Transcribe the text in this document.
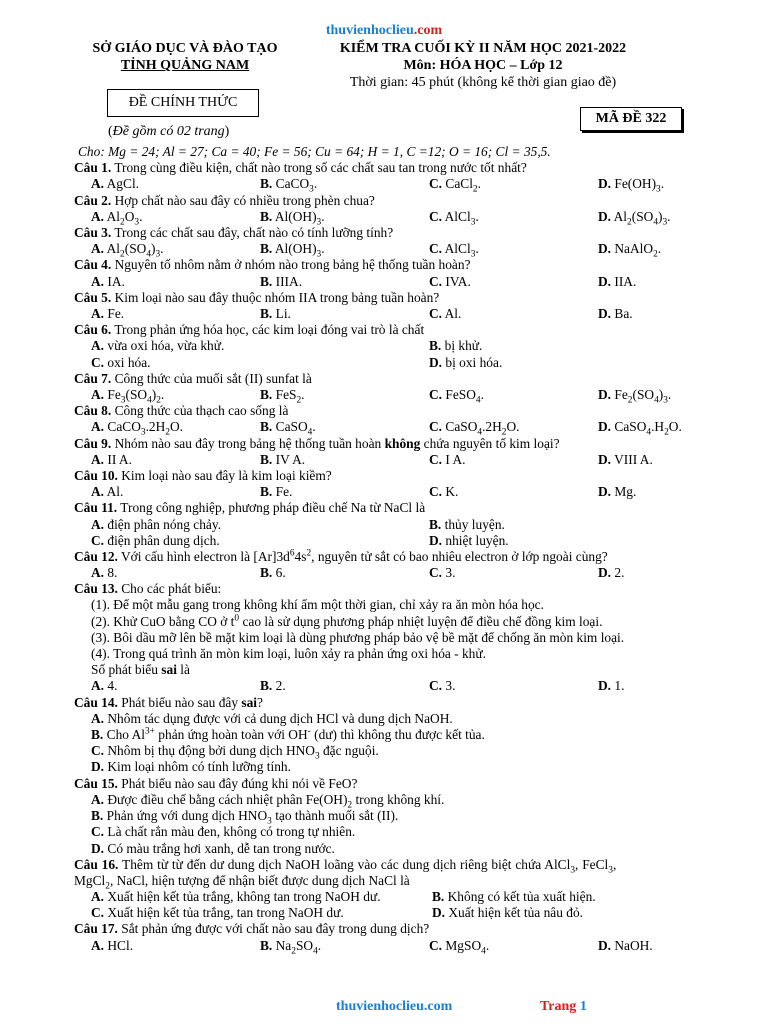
thuvienhoclieu.com
SỞ GIÁO DỤC VÀ ĐÀO TẠO
TỈNH QUẢNG NAM
KIỂM TRA CUỐI KỲ II NĂM HỌC 2021-2022
Môn: HÓA HỌC – Lớp 12
Thời gian: 45 phút (không kể thời gian giao đề)
ĐỀ CHÍNH THỨC
MÃ ĐỀ 322
(Đề gồm có 02 trang)
Cho: Mg = 24; Al = 27; Ca = 40; Fe = 56; Cu = 64; H = 1, C =12; O = 16; Cl = 35,5.
Câu 1. Trong cùng điều kiện, chất nào trong số các chất sau tan trong nước tốt nhất?
A. AgCl.	B. CaCO$_3$.	C. CaCl$_2$.	D. $Fe(OH)_3$.
Câu 2. Hợp chất nào sau đây có nhiều trong phèn chua?
A. $Al_2O_3$.	B. $Al(OH)_3$.	C. AlCl$_3$.	D. $Al_2(SO_4)_3$.
Câu 3. Trong các chất sau đây, chất nào có tính lưỡng tính?
A. $Al_2(SO_4)_3$.	B. $Al(OH)_3$.	C. AlCl$_3$.	D. NaAlO$_2$.
Câu 4. Nguyên tố nhôm nằm ở nhóm nào trong bảng hệ thống tuần hoàn?
A. IA.	B. IIIA.	C. IVA.	D. IIA.
Câu 5. Kim loại nào sau đây thuộc nhóm IIA trong bảng tuần hoàn?
A. Fe.	B. Li.	C. Al.	D. Ba.
Câu 6. Trong phản ứng hóa học, các kim loại đóng vai trò là chất
A. vừa oxi hóa, vừa khử.	B. bị khử.
C. oxi hóa.	D. bị oxi hóa.
Câu 7. Công thức của muối sắt (II) sunfat là
A. $Fe_3(SO_4)_2$.	B. FeS$_2$.	C. FeSO$_4$.	D. $Fe_2(SO_4)_3$.
Câu 8. Công thức của thạch cao sống là
A. $CaCO_3.2H_2O$.	B. CaSO$_4$.	C. $CaSO_4.2H_2O$.	D. $CaSO_4.H_2O$.
Câu 9. Nhóm nào sau đây trong bảng hệ thống tuần hoàn không chứa nguyên tố kim loại?
A. II A.	B. IV A.	C. I A.	D. VIII A.
Câu 10. Kim loại nào sau đây là kim loại kiềm?
A. Al.	B. Fe.	C. K.	D. Mg.
Câu 11. Trong công nghiệp, phương pháp điều chế Na từ NaCl là
A. điện phân nóng chảy.	B. thủy luyện.
C. điện phân dung dịch.	D. nhiệt luyện.
Câu 12. Với cấu hình electron là $[Ar]3d^64s^2$, nguyên tử sắt có bao nhiêu electron ở lớp ngoài cùng?
A. 8.	B. 6.	C. 3.	D. 2.
Câu 13. Cho các phát biểu:
(1). Để một mẫu gang trong không khí ẩm một thời gian, chỉ xảy ra ăn mòn hóa học.
(2). Khử CuO bằng CO ở $t^0$ cao là sử dụng phương pháp nhiệt luyện để điều chế đồng kim loại.
(3). Bôi dầu mỡ lên bề mặt kim loại là dùng phương pháp bảo vệ bề mặt để chống ăn mòn kim loại.
(4). Trong quá trình ăn mòn kim loại, luôn xảy ra phản ứng oxi hóa - khử.
Số phát biểu sai là
A. 4.	B. 2.	C. 3.	D. 1.
Câu 14. Phát biểu nào sau đây sai?
A. Nhôm tác dụng được với cả dung dịch HCl và dung dịch NaOH.
B. Cho $Al^{3+}$ phản ứng hoàn toàn với OH- (dư) thì không thu được kết tủa.
C. Nhôm bị thụ động bởi dung dịch $HNO_3$ đặc nguội.
D. Kim loại nhôm có tính lưỡng tính.
Câu 15. Phát biểu nào sau đây đúng khi nói về FeO?
A. Được điều chế bằng cách nhiệt phân $Fe(OH)_2$ trong không khí.
B. Phản ứng với dung dịch $HNO_3$ tạo thành muối sắt (II).
C. Là chất rắn màu đen, không có trong tự nhiên.
D. Có màu trắng hơi xanh, dễ tan trong nước.
Câu 16. Thêm từ từ đến dư dung dịch NaOH loãng vào các dung dịch riêng biệt chứa AlCl$_3$, FeCl$_3$,
MgCl$_2$, NaCl, hiện tượng để nhận biết được dung dịch NaCl là
A. Xuất hiện kết tủa trắng, không tan trong NaOH dư.	B. Không có kết tủa xuất hiện.
C. Xuất hiện kết tủa trắng, tan trong NaOH dư.	D. Xuất hiện kết tủa nâu đỏ.
Câu 17. Sắt phản ứng được với chất nào sau đây trong dung dịch?
A. HCl.	B. $Na_2SO_4$.	C. MgSO$_4$.	D. NaOH.
thuvienhoclieu.com	Trang 1
